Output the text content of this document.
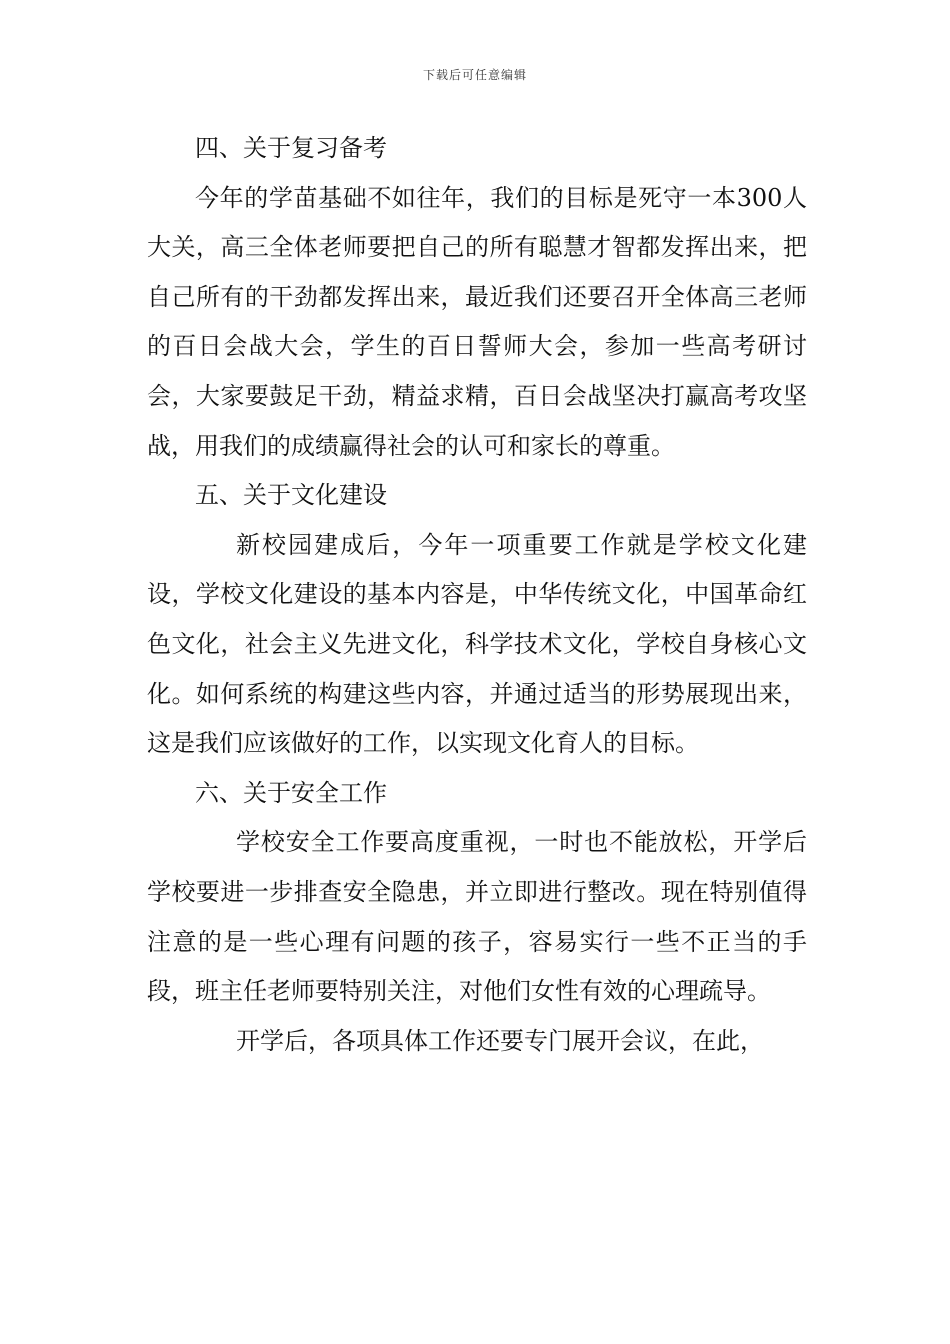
下载后可任意编辑

四、关于复习备考

今年的学苗基础不如往年，我们的目标是死守一本300人大关，高三全体老师要把自己的所有聪慧才智都发挥出来，把自己所有的干劲都发挥出来，最近我们还要召开全体高三老师的百日会战大会，学生的百日誓师大会，参加一些高考研讨会，大家要鼓足干劲，精益求精，百日会战坚决打赢高考攻坚战，用我们的成绩赢得社会的认可和家长的尊重。

五、关于文化建设

新校园建成后，今年一项重要工作就是学校文化建设，学校文化建设的基本内容是，中华传统文化，中国革命红色文化，社会主义先进文化，科学技术文化，学校自身核心文化。如何系统的构建这些内容，并通过适当的形势展现出来，这是我们应该做好的工作，以实现文化育人的目标。

六、关于安全工作

学校安全工作要高度重视，一时也不能放松，开学后学校要进一步排查安全隐患，并立即进行整改。现在特别值得注意的是一些心理有问题的孩子，容易实行一些不正当的手段，班主任老师要特别关注，对他们女性有效的心理疏导。

开学后，各项具体工作还要专门展开会议，在此，
